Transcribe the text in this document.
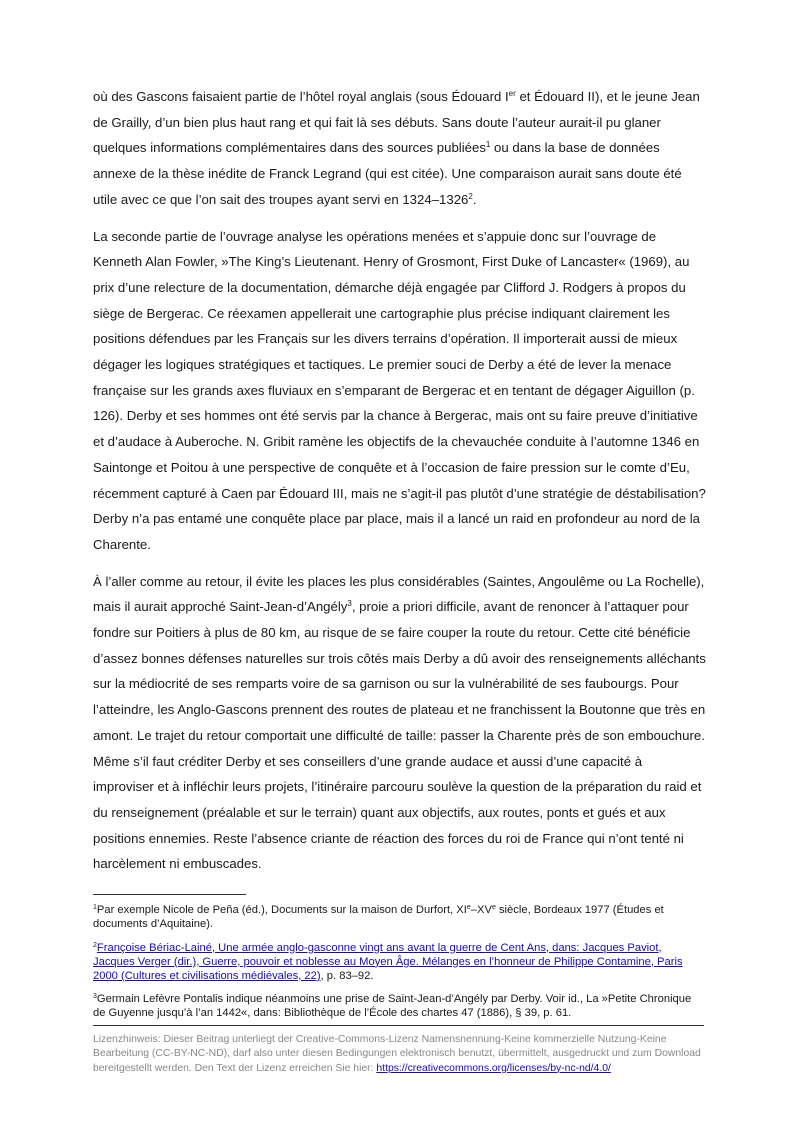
où des Gascons faisaient partie de l’hôtel royal anglais (sous Édouard Ier et Édouard II), et le jeune Jean de Grailly, d’un bien plus haut rang et qui fait là ses débuts. Sans doute l’auteur aurait-il pu glaner quelques informations complémentaires dans des sources publiées$^1$ ou dans la base de données annexe de la thèse inédite de Franck Legrand (qui est citée). Une comparaison aurait sans doute été utile avec ce que l’on sait des troupes ayant servi en 1324–1326$^2$.

La seconde partie de l’ouvrage analyse les opérations menées et s’appuie donc sur l’ouvrage de Kenneth Alan Fowler, »The King’s Lieutenant. Henry of Grosmont, First Duke of Lancaster« (1969), au prix d’une relecture de la documentation, démarche déjà engagée par Clifford J. Rodgers à propos du siège de Bergerac. Ce réexamen appellerait une cartographie plus précise indiquant clairement les positions défendues par les Français sur les divers terrains d’opération. Il importerait aussi de mieux dégager les logiques stratégiques et tactiques. Le premier souci de Derby a été de lever la menace française sur les grands axes fluviaux en s’emparant de Bergerac et en tentant de dégager Aiguillon (p. 126). Derby et ses hommes ont été servis par la chance à Bergerac, mais ont su faire preuve d’initiative et d’audace à Auberoche. N. Gribit ramène les objectifs de la chevauchée conduite à l’automne 1346 en Saintonge et Poitou à une perspective de conquête et à l’occasion de faire pression sur le comte d’Eu, récemment capturé à Caen par Édouard III, mais ne s’agit-il pas plutôt d’une stratégie de déstabilisation? Derby n’a pas entamé une conquête place par place, mais il a lancé un raid en profondeur au nord de la Charente.

À l’aller comme au retour, il évite les places les plus considérables (Saintes, Angoulême ou La Rochelle), mais il aurait approché Saint-Jean-d’Angély$^3$, proie a priori difficile, avant de renoncer à l’attaquer pour fondre sur Poitiers à plus de 80 km, au risque de se faire couper la route du retour. Cette cité bénéficie d’assez bonnes défenses naturelles sur trois côtés mais Derby a dû avoir des renseignements alléchants sur la médiocrité de ses remparts voire de sa garnison ou sur la vulnérabilité de ses faubourgs. Pour l’atteindre, les Anglo-Gascons prennent des routes de plateau et ne franchissent la Boutonne que très en amont. Le trajet du retour comportait une difficulté de taille: passer la Charente près de son embouchure. Même s’il faut créditer Derby et ses conseillers d’une grande audace et aussi d’une capacité à improviser et à infléchir leurs projets, l’itinéraire parcouru soulève la question de la préparation du raid et du renseignement (préalable et sur le terrain) quant aux objectifs, aux routes, ponts et gués et aux positions ennemies. Reste l’absence criante de réaction des forces du roi de France qui n’ont tenté ni harcèlement ni embuscades.

$^1$Par exemple Nicole de Peña (éd.), Documents sur la maison de Durfort, XIe–XVe siècle, Bordeaux 1977 (Études et documents d’Aquitaine).
$^2$Françoise Bériac-Lainé, Une armée anglo-gasconne vingt ans avant la guerre de Cent Ans, dans: Jacques Paviot, Jacques Verger (dir.), Guerre, pouvoir et noblesse au Moyen Âge. Mélanges en l’honneur de Philippe Contamine, Paris 2000 (Cultures et civilisations médiévales, 22), p. 83–92.
$^3$Germain Lefèvre Pontalis indique néanmoins une prise de Saint-Jean-d’Angély par Derby. Voir id., La »Petite Chronique de Guyenne jusqu’à l’an 1442«, dans: Bibliothèque de l’École des chartes 47 (1886), § 39, p. 61.
Lizenzhinweis: Dieser Beitrag unterliegt der Creative-Commons-Lizenz Namensnennung-Keine kommerzielle Nutzung-Keine Bearbeitung (CC-BY-NC-ND), darf also unter diesen Bedingungen elektronisch benutzt, übermittelt, ausgedruckt und zum Download bereitgestellt werden. Den Text der Lizenz erreichen Sie hier: https://creativecommons.org/licenses/by-nc-nd/4.0/
